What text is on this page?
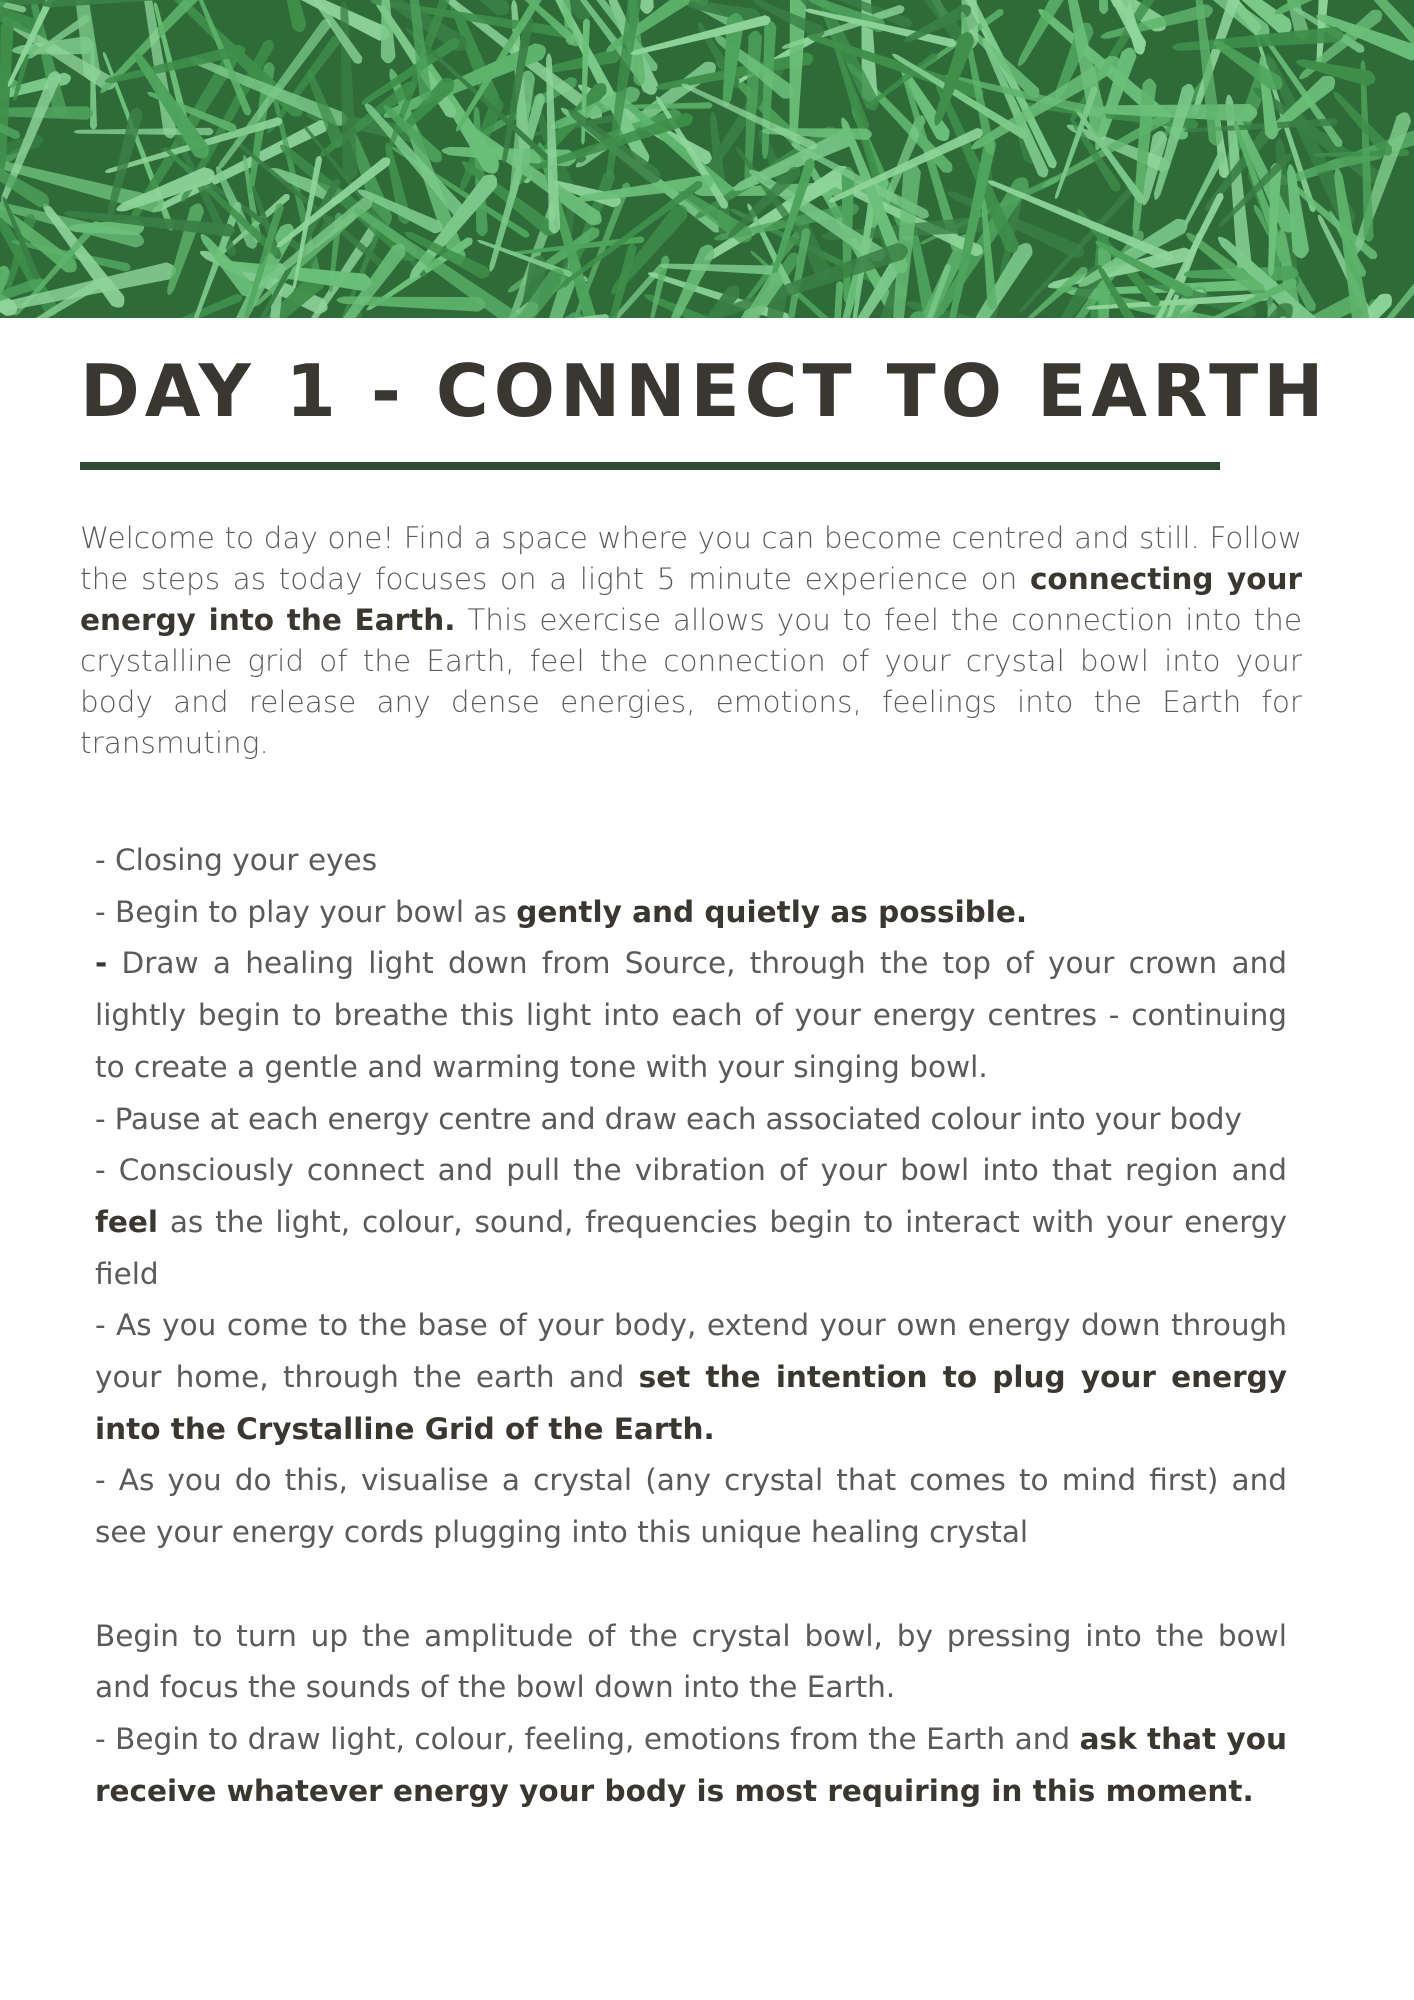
DAY 1 - CONNECT TO EARTH

Welcome to day one! Find a space where you can become centred and still. Follow the steps as today focuses on a light 5 minute experience on connecting your energy into the Earth. This exercise allows you to feel the connection into the crystalline grid of the Earth, feel the connection of your crystal bowl into your body and release any dense energies, emotions, feelings into the Earth for transmuting.

- Closing your eyes

- Begin to play your bowl as gently and quietly as possible.

- Draw a healing light down from Source, through the top of your crown and lightly begin to breathe this light into each of your energy centres - continuing to create a gentle and warming tone with your singing bowl.

- Pause at each energy centre and draw each associated colour into your body

- Consciously connect and pull the vibration of your bowl into that region and feel as the light, colour, sound, frequencies begin to interact with your energy field

- As you come to the base of your body, extend your own energy down through your home, through the earth and set the intention to plug your energy into the Crystalline Grid of the Earth.

- As you do this, visualise a crystal (any crystal that comes to mind first) and see your energy cords plugging into this unique healing crystal

Begin to turn up the amplitude of the crystal bowl, by pressing into the bowl and focus the sounds of the bowl down into the Earth.

- Begin to draw light, colour, feeling, emotions from the Earth and ask that you receive whatever energy your body is most requiring in this moment.
